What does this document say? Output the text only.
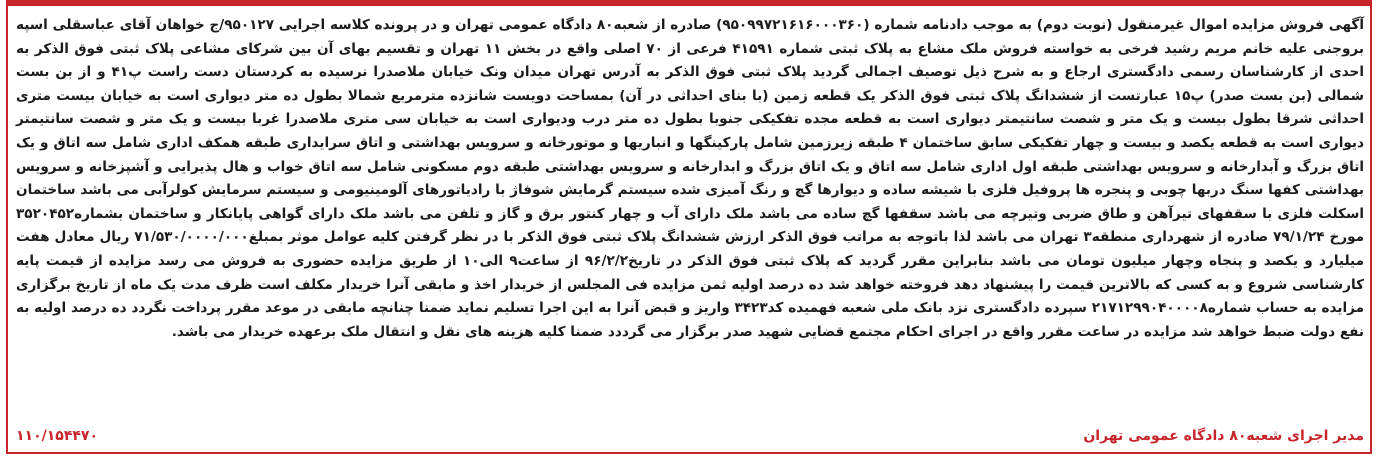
آگهی فروش مزایده اموال غیرمنقول (نوبت دوم) به موجب دادنامه شماره (۹۵۰۹۹۷۲۱۶۱۶۰۰۰۳۶۰) صادره از شعبه۸۰ دادگاه عمومی تهران و در پرونده کلاسه اجرایی ۹۵۰۱۲۷/ج خواهان آقای عباسقلی اسپه بروجنی علیه خانم مریم رشید فرخی به خواسته فروش ملک مشاع به پلاک ثبتی شماره ۴۱۵۹۱ فرعی از ۷۰ اصلی واقع در بخش ۱۱ تهران و تقسیم بهای آن بین شرکای مشاعی پلاک ثبتی فوق الذکر به احدی از کارشناسان رسمی دادگستری ارجاع و به شرح ذیل توصیف اجمالی گردید پلاک ثبتی فوق الذکر به آدرس تهران میدان ونک خیابان ملاصدرا نرسیده به کردستان دست راست پ۴۱ و از بن بست شمالی (بن بست صدر) پ۱۵ عبارتست از ششدانگ پلاک ثبتی فوق الذکر یک قطعه زمین (با بنای احداثی در آن) بمساحت دویست شانزده مترمربع شمالا بطول ده متر دیواری است به خیابان بیست متری احداثی شرقا بطول بیست و یک متر و شصت سانتیمتر دیواری است به قطعه مجده تفکیکی جنوبا بطول ده متر درب ودیواری است به خیابان سی متری ملاصدرا غربا بیست و یک متر و شصت سانتیمتر دیواری است به قطعه یکصد و بیست و چهار تفکیکی سابق ساختمان ۴ طبقه زیرزمین شامل پارکینگها و انباریها و موتورخانه و سرویس بهداشتی و اتاق سرایداری طبقه همکف اداری شامل سه اتاق و یک اتاق بزرگ و آبدارخانه و سرویس بهداشتی طبقه اول اداری شامل سه اتاق و یک اتاق بزرگ و ابدارخانه و سرویس بهداشتی طبقه دوم مسکونی شامل سه اتاق خواب و هال پذیرایی و آشپزخانه و سرویس بهداشتی کفها سنگ دربها چوبی و پنجره ها پروفیل فلزی با شیشه ساده و دیوارها گچ و رنگ آمیزی شده سیستم گرمایش شوفاژ با رادیاتورهای آلومینیومی و سیستم سرمایش کولرآبی می باشد ساختمان اسکلت فلزی با سقفهای تیرآهن و طاق ضربی وتیرچه می باشد سقفها گچ ساده می باشد ملک دارای آب و چهار کنتور برق و گاز و تلفن می باشد ملک دارای گواهی پایانکار و ساختمان بشماره۳۵۲۰۴۵۲ مورخ ۷۹/۱/۲۴ صادره از شهرداری منطقه۳ تهران می باشد لذا باتوجه به مراتب فوق الذکر ارزش ششدانگ پلاک ثبتی فوق الذکر با در نظر گرفتن کلیه عوامل موثر بمبلغ۷۱/۵۳۰/۰۰۰۰/۰۰۰ ریال معادل هفت میلیارد و یکصد و پنجاه وچهار میلیون تومان می باشد بنابراین مقرر گردید که پلاک ثبتی فوق الذکر در تاریخ۹۶/۲/۲ از ساعت۹ الی۱۰ از طریق مزایده حضوری به فروش می رسد مزایده از قیمت پایه کارشناسی شروع و به کسی که بالاترین قیمت را پیشنهاد دهد فروخته خواهد شد ده درصد اولیه ثمن مزایده فی المجلس از خریدار اخذ و مابقی آنرا خریدار مکلف است ظرف مدت یک ماه از تاریخ برگزاری مزایده به حساب شماره۲۱۷۱۲۹۹۰۴۰۰۰۰۸ سپرده دادگستری نزد بانک ملی شعبه فهمیده کد۳۴۲۳ واریز و قبض آنرا به این اجرا تسلیم نماید ضمنا چنانچه مابقی در موعد مقرر پرداخت نگردد ده درصد اولیه به نفع دولت ضبط خواهد شد مزایده در ساعت مقرر واقع در اجرای احکام مجتمع قضایی شهید صدر برگزار می گرددد ضمنا کلیه هزینه های نقل و انتقال ملک برعهده خریدار می باشد.
مدیر اجرای شعبه۸۰ دادگاه عمومی تهران
۱۱۰/۱۵۴۴۷۰
